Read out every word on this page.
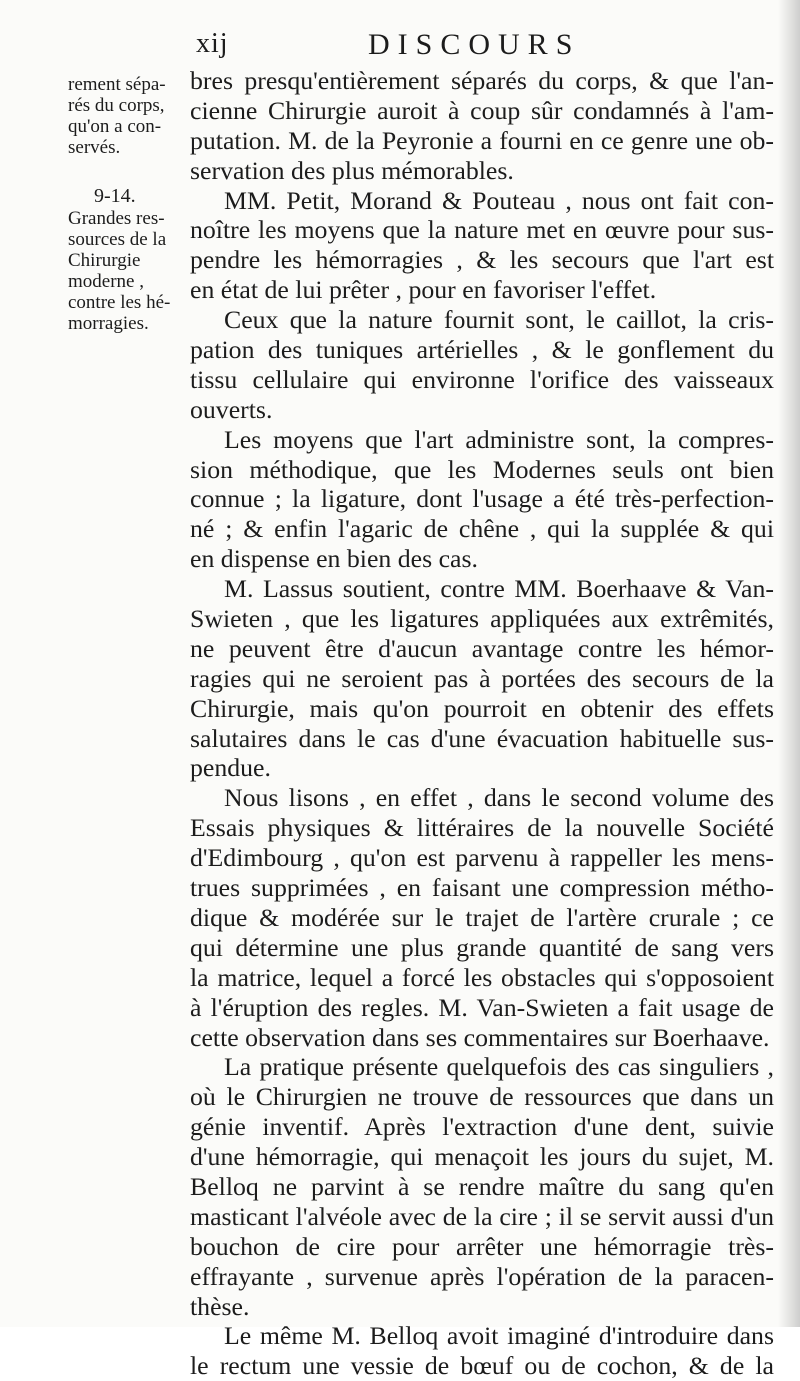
xij	DISCOURS
rement sépa-
rés du corps,
qu'on a con-
servés.
9-14.
Grandes res-
sources de la
Chirurgie
moderne ,
contre les hé-
morragies.
bres presqu'entièrement séparés du corps, & que l'an-
cienne Chirurgie auroit à coup sûr condamnés à l'am-
putation. M. de la Peyronie a fourni en ce genre une ob-
servation des plus mémorables.
MM. Petit, Morand & Pouteau , nous ont fait con-
noître les moyens que la nature met en œuvre pour sus-
pendre les hémorragies , & les secours que l'art est
en état de lui prêter , pour en favoriser l'effet.
Ceux que la nature fournit sont, le caillot, la cris-
pation des tuniques artérielles , & le gonflement du
tissu cellulaire qui environne l'orifice des vaisseaux
ouverts.
Les moyens que l'art administre sont, la compres-
sion méthodique, que les Modernes seuls ont bien
connue ; la ligature, dont l'usage a été très-perfection-
né ; & enfin l'agaric de chêne , qui la supplée & qui
en dispense en bien des cas.
M. Lassus soutient, contre MM. Boerhaave & Van-
Swieten , que les ligatures appliquées aux extrêmités,
ne peuvent être d'aucun avantage contre les hémor-
ragies qui ne seroient pas à portées des secours de la
Chirurgie, mais qu'on pourroit en obtenir des effets
salutaires dans le cas d'une évacuation habituelle sus-
pendue.
Nous lisons , en effet , dans le second volume des
Essais physiques & littéraires de la nouvelle Société
d'Edimbourg , qu'on est parvenu à rappeller les mens-
trues supprimées , en faisant une compression métho-
dique & modérée sur le trajet de l'artère crurale ; ce
qui détermine une plus grande quantité de sang vers
la matrice, lequel a forcé les obstacles qui s'opposoient
à l'éruption des regles. M. Van-Swieten a fait usage de
cette observation dans ses commentaires sur Boerhaave.
La pratique présente quelquefois des cas singuliers ,
où le Chirurgien ne trouve de ressources que dans un
génie inventif. Après l'extraction d'une dent, suivie
d'une hémorragie, qui menaçoit les jours du sujet, M.
Belloq ne parvint à se rendre maître du sang qu'en
masticant l'alvéole avec de la cire ; il se servit aussi d'un
bouchon de cire pour arrêter une hémorragie très-
effrayante , survenue après l'opération de la paracen-
thèse.
Le même M. Belloq avoit imaginé d'introduire dans
le rectum une vessie de bœuf ou de cochon, & de la
